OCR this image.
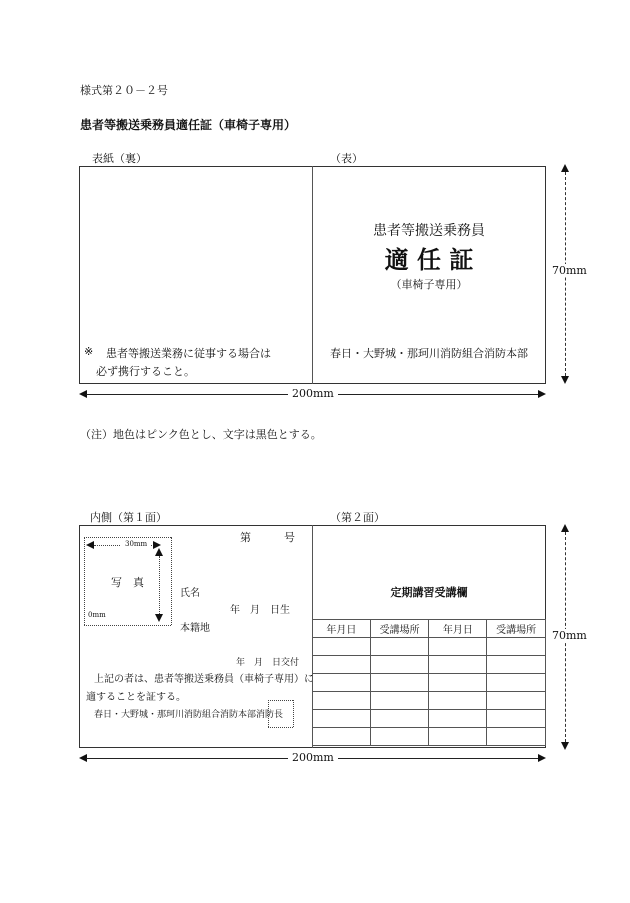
様式第２０－２号
患者等搬送乗務員適任証（車椅子専用）
表紙（裏）	（表）
※ 患者等搬送業務に従事する場合は
必ず携行すること。
患者等搬送乗務員
適 任 証
（車椅子専用）
春日・大野城・那珂川消防組合消防本部
70mm
200mm
（注）地色はピンク色とし、文字は黒色とする。
内側（第１面）	（第２面）
第　　　号
30mm
写　真
0mm
氏名
年　月　日生
本籍地
年　月　日交付
上記の者は、患者等搬送乗務員（車椅子専用）に
適することを証する。
春日・大野城・那珂川消防組合消防本部消防長
定期講習受講欄
年月日	受講場所	年月日	受講場所

				70mm
200mm
